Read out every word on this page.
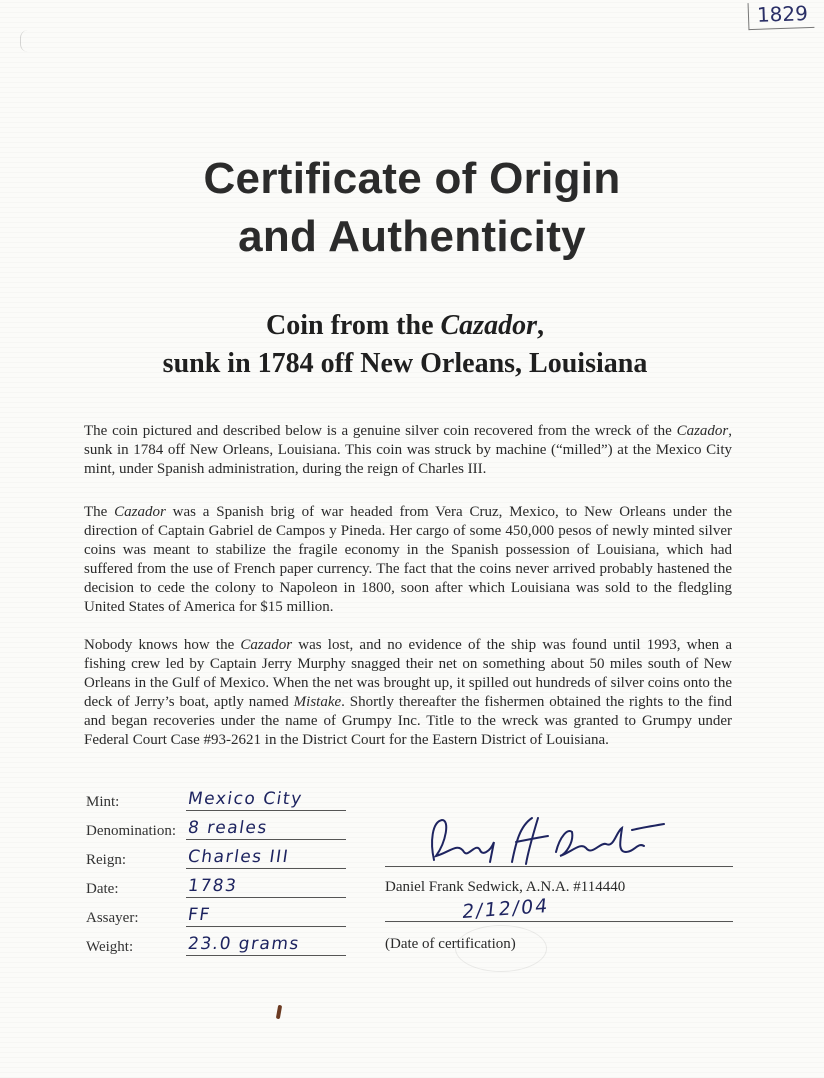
1829
Certificate of Origin
and Authenticity
Coin from the Cazador,
sunk in 1784 off New Orleans, Louisiana
The coin pictured and described below is a genuine silver coin recovered from the wreck of the Cazador, sunk in 1784 off New Orleans, Louisiana. This coin was struck by machine (“milled”) at the Mexico City mint, under Spanish administration, during the reign of Charles III.
The Cazador was a Spanish brig of war headed from Vera Cruz, Mexico, to New Orleans under the direction of Captain Gabriel de Campos y Pineda. Her cargo of some 450,000 pesos of newly minted silver coins was meant to stabilize the fragile economy in the Spanish possession of Louisiana, which had suffered from the use of French paper currency. The fact that the coins never arrived probably hastened the decision to cede the colony to Napoleon in 1800, soon after which Louisiana was sold to the fledgling United States of America for $15 million.
Nobody knows how the Cazador was lost, and no evidence of the ship was found until 1993, when a fishing crew led by Captain Jerry Murphy snagged their net on something about 50 miles south of New Orleans in the Gulf of Mexico. When the net was brought up, it spilled out hundreds of silver coins onto the deck of Jerry’s boat, aptly named Mistake. Shortly thereafter the fishermen obtained the rights to the find and began recoveries under the name of Grumpy Inc. Title to the wreck was granted to Grumpy under Federal Court Case #93-2621 in the District Court for the Eastern District of Louisiana.
Mint:	Mexico City
Denomination: 8 reales
Reign:	Charles III
Date:	1783
Assayer:	FF
Weight:	23.0 grams
Daniel Frank Sedwick, A.N.A. #114440
2/12/04
(Date of certification)
